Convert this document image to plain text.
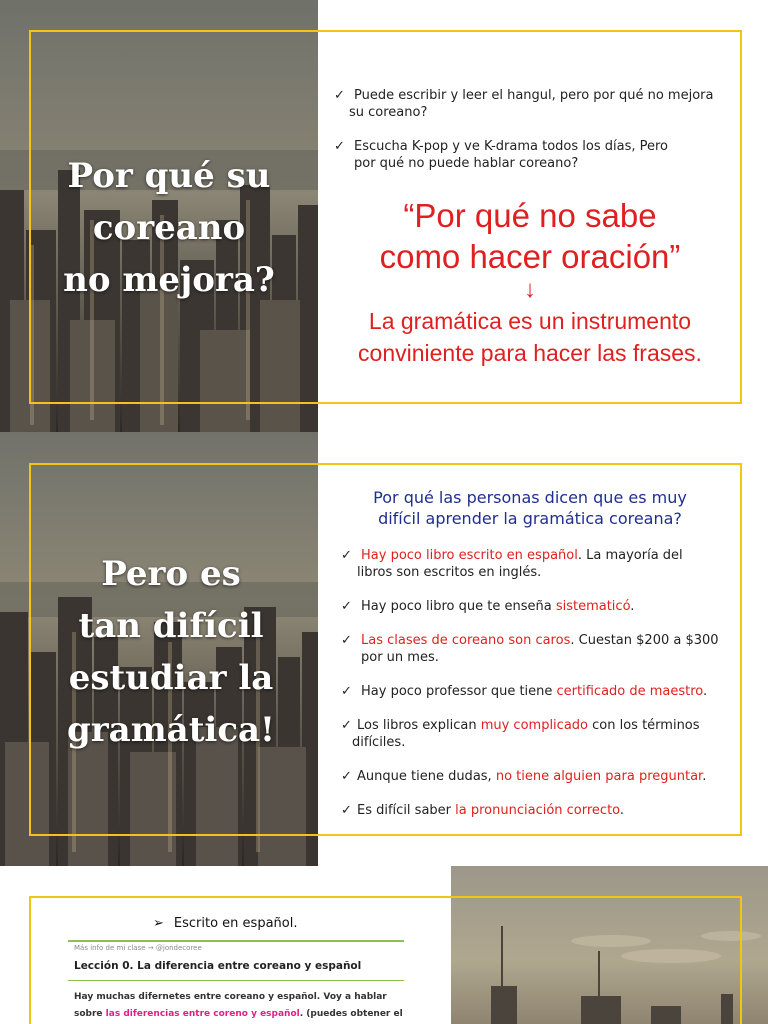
Por qué su
coreano
no mejora?
✓ Puede escribir y leer el hangul, pero por qué no mejora
su coreano?
✓ Escucha K-pop y ve K-drama todos los días, Pero
por qué no puede hablar coreano?
“Por qué no sabe
como hacer oración”
↓
La gramática es un instrumento
conviniente para hacer las frases.
Pero es
tan difícil
estudiar la
gramática!
Por qué las personas dicen que es muy
difícil aprender la gramática coreana?
✓ Hay poco libro escrito en español. La mayoría del
libros son escritos en inglés.
✓ Hay poco libro que te enseña sistematicó.
✓ Las clases de coreano son caros. Cuestan $200 a $300
por un mes.
✓ Hay poco professor que tiene certificado de maestro.
✓ Los libros explican muy complicado con los términos
difíciles.
✓ Aunque tiene dudas, no tiene alguien para preguntar.
✓ Es difícil saber la pronunciación correcto.
➢ Escrito en español.
Más info de mi clase → @jondecoree
Lección 0. La diferencia entre coreano y español
Hay muchas difernetes entre coreano y español. Voy a hablar
sobre las diferencias entre coreno y español. (puedes obtener el
